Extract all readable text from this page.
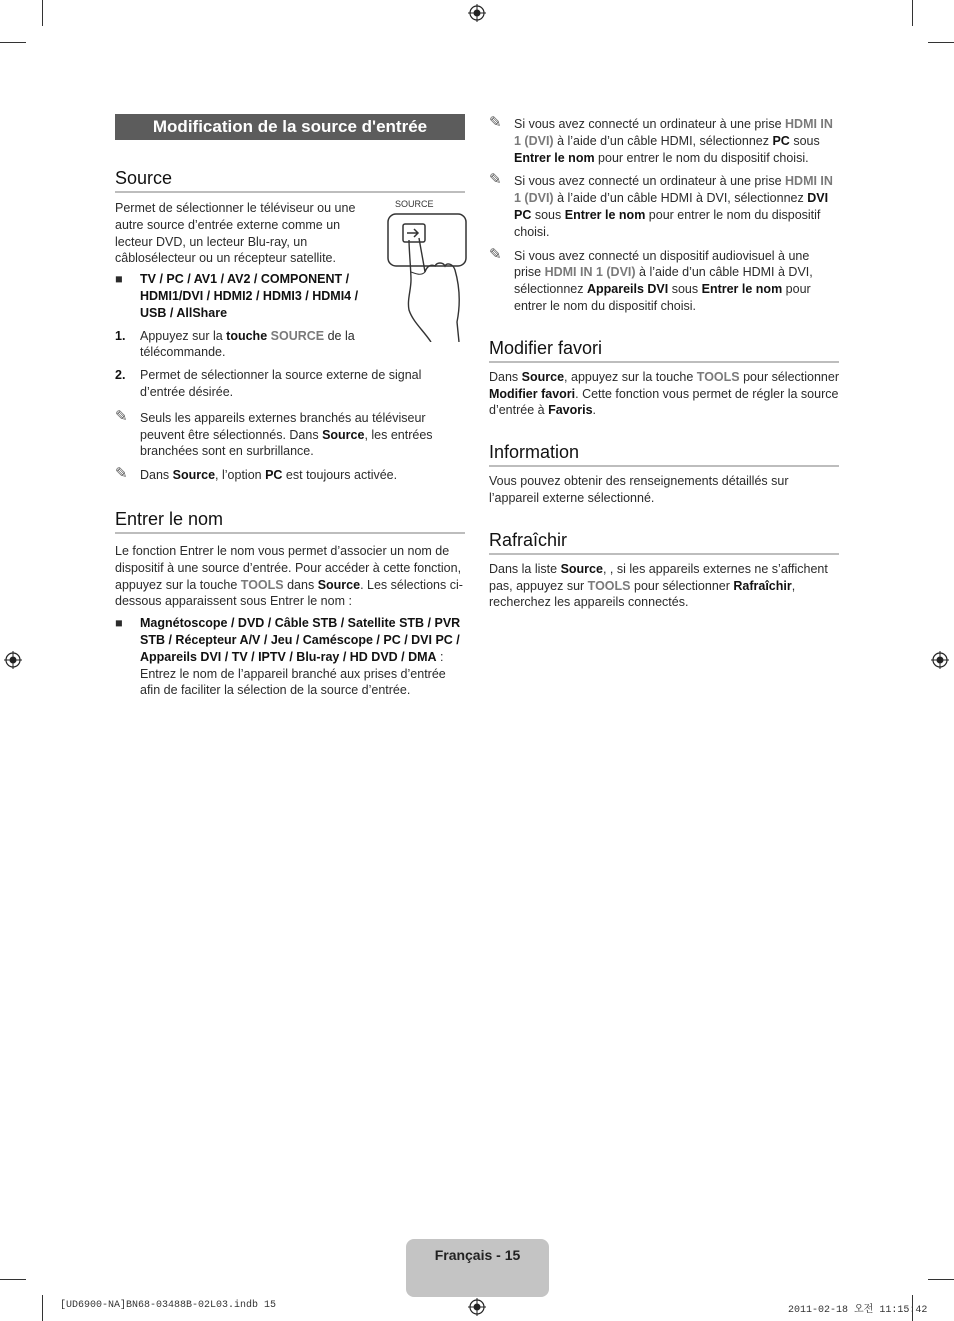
Modification de la source d'entrée
Source
SOURCE

Permet de sélectionner le téléviseur ou une autre source d’entrée externe comme un lecteur DVD, un lecteur Blu-ray, un câblosélecteur ou un récepteur satellite.

■ TV / PC / AV1 / AV2 / COMPONENT / HDMI1/DVI / HDMI2 / HDMI3 / HDMI4 / USB / AllShare
1. Appuyez sur la touche SOURCE de la télécommande.
2. Permet de sélectionner la source externe de signal d’entrée désirée.
✎ Seuls les appareils externes branchés au téléviseur peuvent être sélectionnés. Dans Source, les entrées branchées sont en surbrillance.
✎ Dans Source, l’option PC est toujours activée.
Entrer le nom

Le fonction Entrer le nom vous permet d’associer un nom de dispositif à une source d’entrée. Pour accéder à cette fonction, appuyez sur la touche TOOLS dans Source. Les sélections ci-dessous apparaissent sous Entrer le nom :

■ Magnétoscope / DVD / Câble STB / Satellite STB / PVR STB / Récepteur A/V / Jeu / Caméscope / PC / DVI PC / Appareils DVI / TV / IPTV / Blu-ray / HD DVD / DMA : Entrez le nom de l’appareil branché aux prises d’entrée afin de faciliter la sélection de la source d’entrée.
✎ Si vous avez connecté un ordinateur à une prise HDMI IN 1 (DVI) à l’aide d’un câble HDMI, sélectionnez PC sous Entrer le nom pour entrer le nom du dispositif choisi.
✎ Si vous avez connecté un ordinateur à une prise HDMI IN 1 (DVI) à l’aide d’un câble HDMI à DVI, sélectionnez DVI PC sous Entrer le nom pour entrer le nom du dispositif choisi.
✎ Si vous avez connecté un dispositif audiovisuel à une prise HDMI IN 1 (DVI) à l’aide d’un câble HDMI à DVI, sélectionnez Appareils DVI sous Entrer le nom pour entrer le nom du dispositif choisi.
Modifier favori

Dans Source, appuyez sur la touche TOOLS pour sélectionner Modifier favori. Cette fonction vous permet de régler la source d’entrée à Favoris.

Information

Vous pouvez obtenir des renseignements détaillés sur l’appareil externe sélectionné.

Rafraîchir

Dans la liste Source, , si les appareils externes ne s’affichent pas, appuyez sur TOOLS pour sélectionner Rafraîchir, recherchez les appareils connectés.

Français - 15
[UD6900-NA]BN68-03488B-02L03.indb 15	2011-02-18 오전 11:15:42
